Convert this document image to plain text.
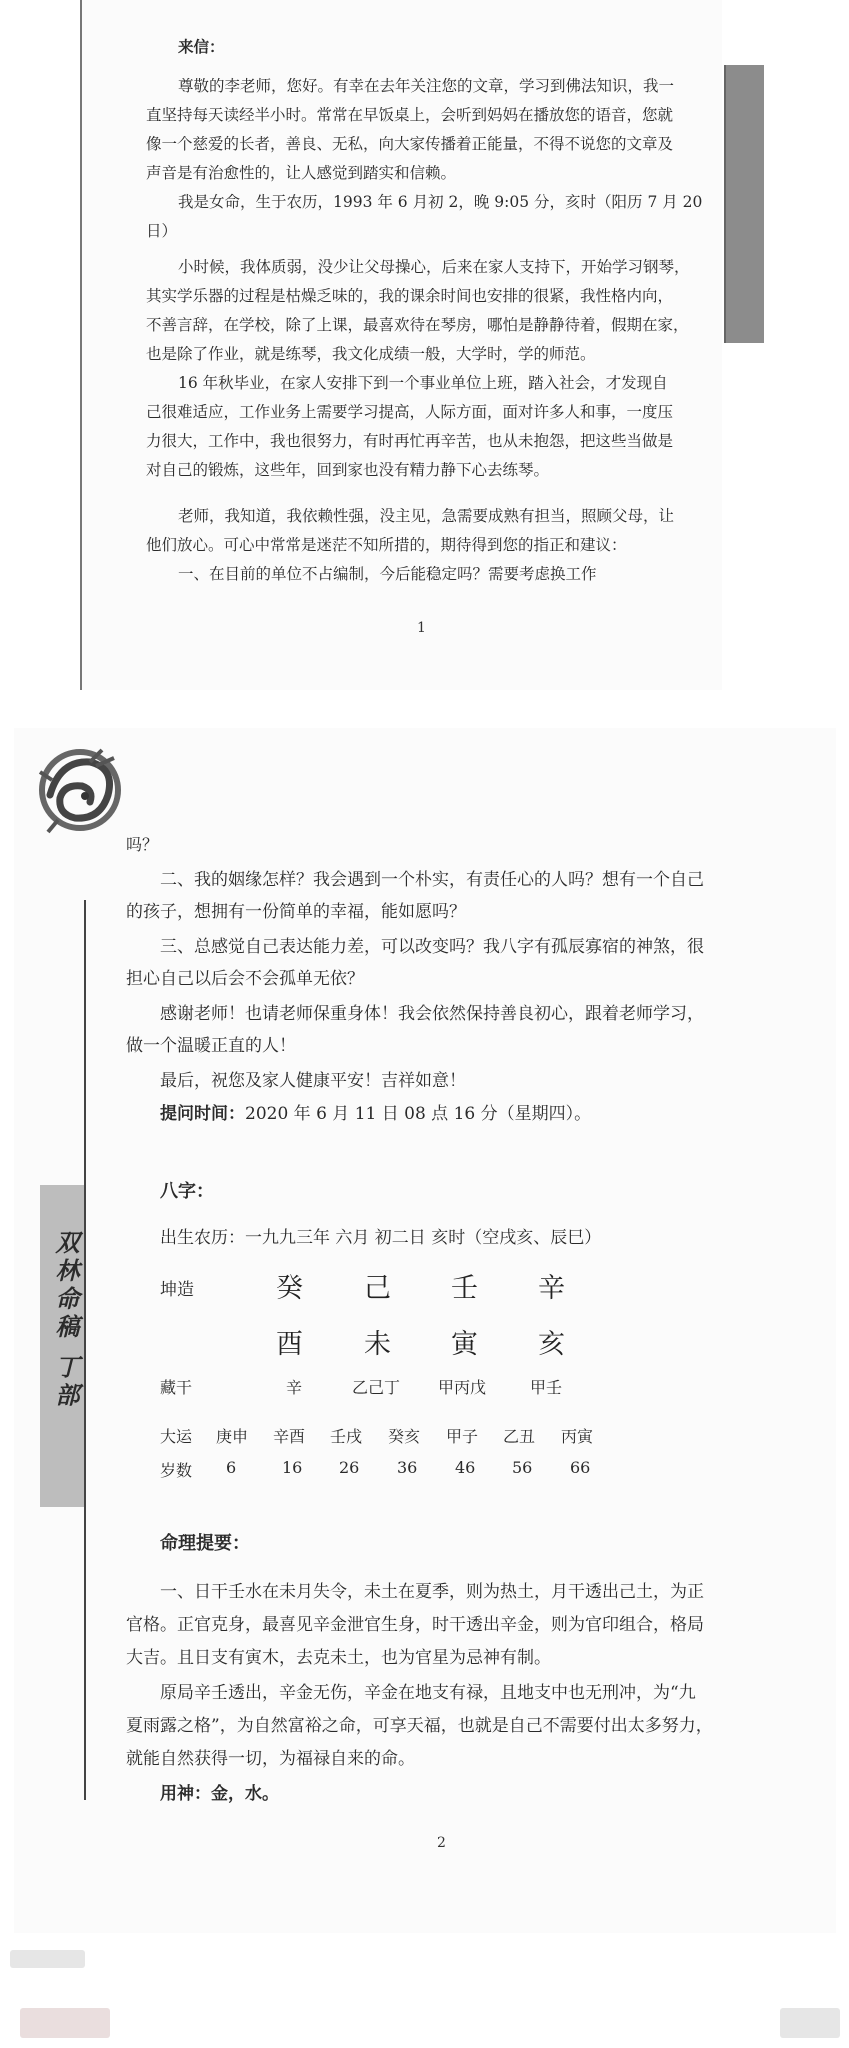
来信：
尊敬的李老师，您好。有幸在去年关注您的文章，学习到佛法知识，我一
直坚持每天读经半小时。常常在早饭桌上，会听到妈妈在播放您的语音，您就
像一个慈爱的长者，善良、无私，向大家传播着正能量，不得不说您的文章及
声音是有治愈性的，让人感觉到踏实和信赖。
我是女命，生于农历，1993 年 6 月初 2，晚 9:05 分，亥时（阳历 7 月 20
日）
小时候，我体质弱，没少让父母操心，后来在家人支持下，开始学习钢琴，
其实学乐器的过程是枯燥乏味的，我的课余时间也安排的很紧，我性格内向，
不善言辞，在学校，除了上课，最喜欢待在琴房，哪怕是静静待着，假期在家，
也是除了作业，就是练琴，我文化成绩一般，大学时，学的师范。
16 年秋毕业，在家人安排下到一个事业单位上班，踏入社会，才发现自
己很难适应，工作业务上需要学习提高，人际方面，面对许多人和事，一度压
力很大，工作中，我也很努力，有时再忙再辛苦，也从未抱怨，把这些当做是
对自己的锻炼，这些年，回到家也没有精力静下心去练琴。
老师，我知道，我依赖性强，没主见，急需要成熟有担当，照顾父母，让
他们放心。可心中常常是迷茫不知所措的，期待得到您的指正和建议：
一、在目前的单位不占编制，今后能稳定吗？需要考虑换工作
1
双林命稿 丁部
吗？
二、我的姻缘怎样？我会遇到一个朴实，有责任心的人吗？想有一个自己
的孩子，想拥有一份简单的幸福，能如愿吗？
三、总感觉自己表达能力差，可以改变吗？我八字有孤辰寡宿的神煞，很
担心自己以后会不会孤单无依？
感谢老师！也请老师保重身体！我会依然保持善良初心，跟着老师学习，
做一个温暖正直的人！
最后，祝您及家人健康平安！吉祥如意！
提问时间：2020 年 6 月 11 日 08 点 16 分（星期四）。
八字：
出生农历：一九九三年 六月 初二日 亥时（空戌亥、辰巳）
坤造	癸 己 壬 辛
酉 未 寅 亥
藏干	辛	乙己丁 甲丙戊	甲壬
大运 庚申 辛酉 壬戌 癸亥 甲子 乙丑 丙寅
岁数 6	16 26 36 46 56 66
命理提要：
一、日干壬水在未月失令，未土在夏季，则为热土，月干透出己土，为正
官格。正官克身，最喜见辛金泄官生身，时干透出辛金，则为官印组合，格局
大吉。且日支有寅木，去克未土，也为官星为忌神有制。
原局辛壬透出，辛金无伤，辛金在地支有禄，且地支中也无刑冲，为“九
夏雨露之格”，为自然富裕之命，可享天福，也就是自己不需要付出太多努力，
就能自然获得一切，为福禄自来的命。
用神：金，水。
2
